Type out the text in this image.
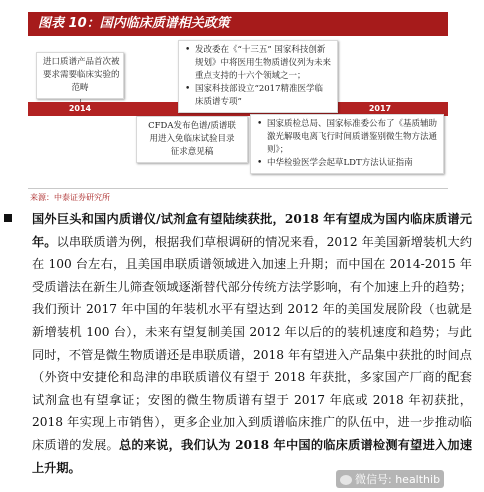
图表 10：国内临床质谱相关政策
2014	2017
进口质谱产品首次被
要求需要临床实验的
范畴
CFDA发布色谱/质谱联
用进入免临床试验目录
征求意见稿
• 发改委在《“十三五” 国家科技创新规划》中将医用生物质谱仪列为未来重点支持的十六个领域之一；
• 国家科技部设立“2017精准医学临床质谱专项”
• 国家质检总局、国家标准委公布了《基质辅助激光解吸电离飞行时间质谱鉴别微生物方法通则》；
• 中华检验医学会起草LDT方法认证指南
来源：中泰证券研究所
国外巨头和国内质谱仪/试剂盒有望陆续获批，2018 年有望成为国内临床质谱元年。以串联质谱为例，根据我们草根调研的情况来看，2012 年美国新增装机大约在 100 台左右，且美国串联质谱领域进入加速上升期；而中国在 2014-2015 年受质谱法在新生儿筛查领域逐渐替代部分传统方法学影响，有个加速上升的趋势；我们预计 2017 年中国的年装机水平有望达到 2012 年的美国发展阶段（也就是新增装机 100 台），未来有望复制美国 2012 年以后的的装机速度和趋势；与此同时，不管是微生物质谱还是串联质谱，2018 年有望进入产品集中获批的时间点（外资中安捷伦和岛津的串联质谱仪有望于 2018 年获批，多家国产厂商的配套试剂盒也有望拿证；安图的微生物质谱有望于 2017 年底或 2018 年初获批，2018 年实现上市销售），更多企业加入到质谱临床推广的队伍中，进一步推动临床质谱的发展。总的来说，我们认为 2018 年中国的临床质谱检测有望进入加速上升期。
微信号: healthib
